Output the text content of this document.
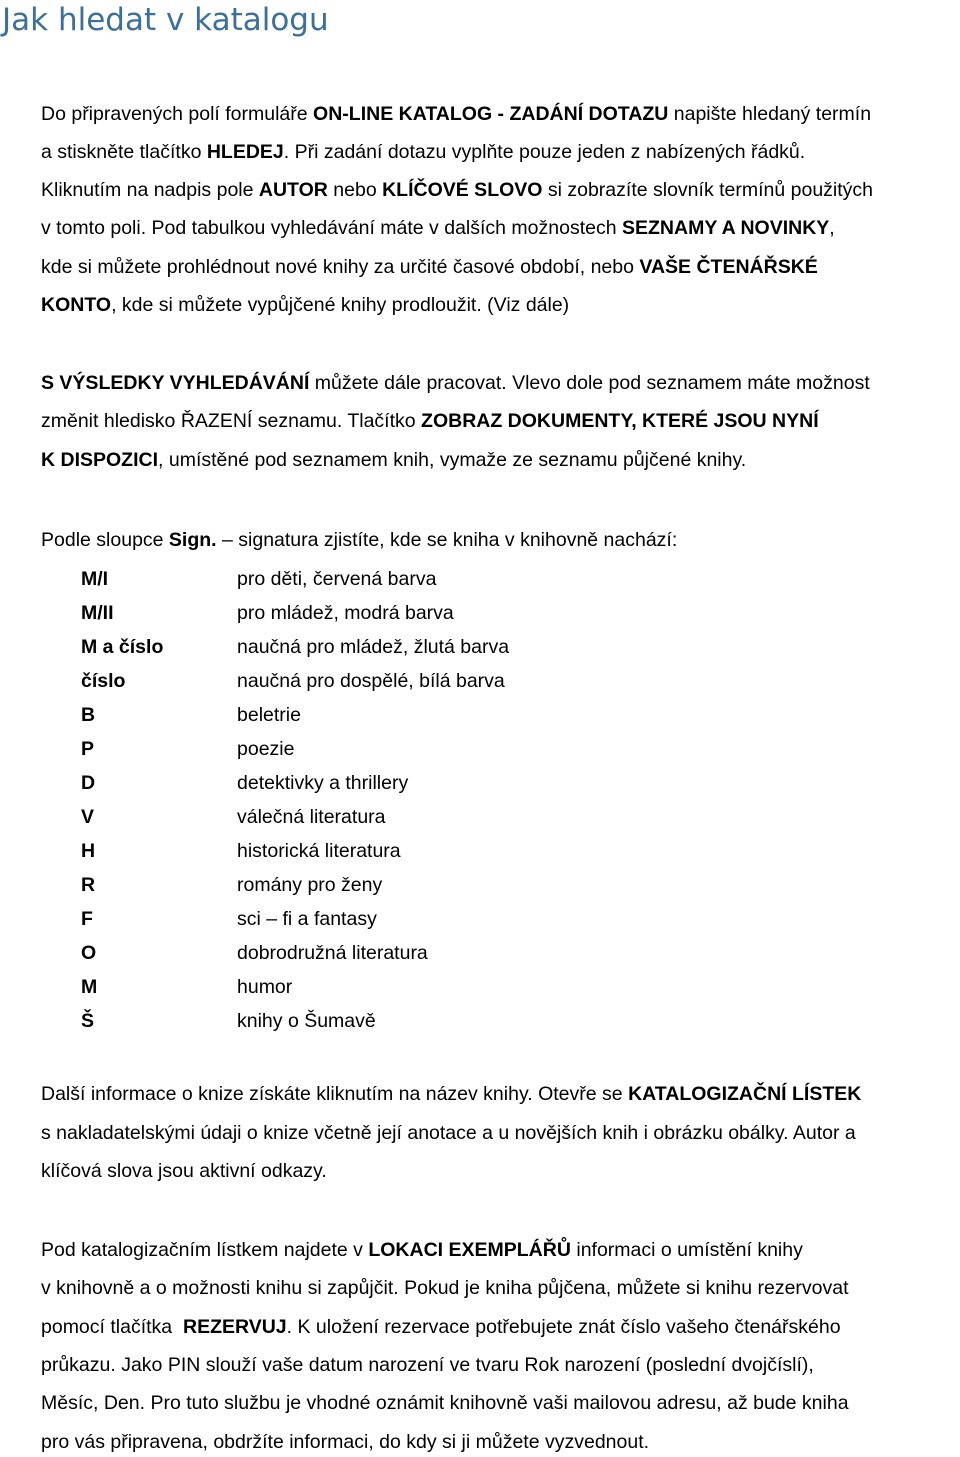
Jak hledat v katalogu
Do připravených polí formuláře ON-LINE KATALOG - ZADÁNÍ DOTAZU napište hledaný termín
a stiskněte tlačítko HLEDEJ. Při zadání dotazu vyplňte pouze jeden z nabízených řádků.
Kliknutím na nadpis pole AUTOR nebo KLÍČOVÉ SLOVO si zobrazíte slovník termínů použitých
v tomto poli. Pod tabulkou vyhledávání máte v dalších možnostech SEZNAMY A NOVINKY,
kde si můžete prohlédnout nové knihy za určité časové období, nebo VAŠE ČTENÁŘSKÉ
KONTO, kde si můžete vypůjčené knihy prodloužit. (Viz dále)
S VÝSLEDKY VYHLEDÁVÁNÍ můžete dále pracovat. Vlevo dole pod seznamem máte možnost
změnit hledisko ŘAZENÍ seznamu. Tlačítko ZOBRAZ DOKUMENTY, KTERÉ JSOU NYNÍ
K DISPOZICI, umístěné pod seznamem knih, vymaže ze seznamu půjčené knihy.
Podle sloupce Sign. – signatura zjistíte, kde se kniha v knihovně nachází:
M/I	pro děti, červená barva
M/II	pro mládež, modrá barva
M a číslo	naučná pro mládež, žlutá barva
číslo	naučná pro dospělé, bílá barva
B	beletrie
P	poezie
D	detektivky a thrillery
V	válečná literatura
H	historická literatura
R	romány pro ženy
F	sci – fi a fantasy
O	dobrodružná literatura
M	humor
Š	knihy o Šumavě
Další informace o knize získáte kliknutím na název knihy. Otevře se KATALOGIZAČNÍ LÍSTEK
s nakladatelskými údaji o knize včetně její anotace a u novějších knih i obrázku obálky. Autor a
klíčová slova jsou aktivní odkazy.
Pod katalogizačním lístkem najdete v LOKACI EXEMPLÁŘŮ informaci o umístění knihy
v knihovně a o možnosti knihu si zapůjčit. Pokud je kniha půjčena, můžete si knihu rezervovat
pomocí tlačítka  REZERVUJ. K uložení rezervace potřebujete znát číslo vašeho čtenářského
průkazu. Jako PIN slouží vaše datum narození ve tvaru Rok narození (poslední dvojčíslí),
Měsíc, Den. Pro tuto službu je vhodné oznámit knihovně vaši mailovou adresu, až bude kniha
pro vás připravena, obdržíte informaci, do kdy si ji můžete vyzvednout.
